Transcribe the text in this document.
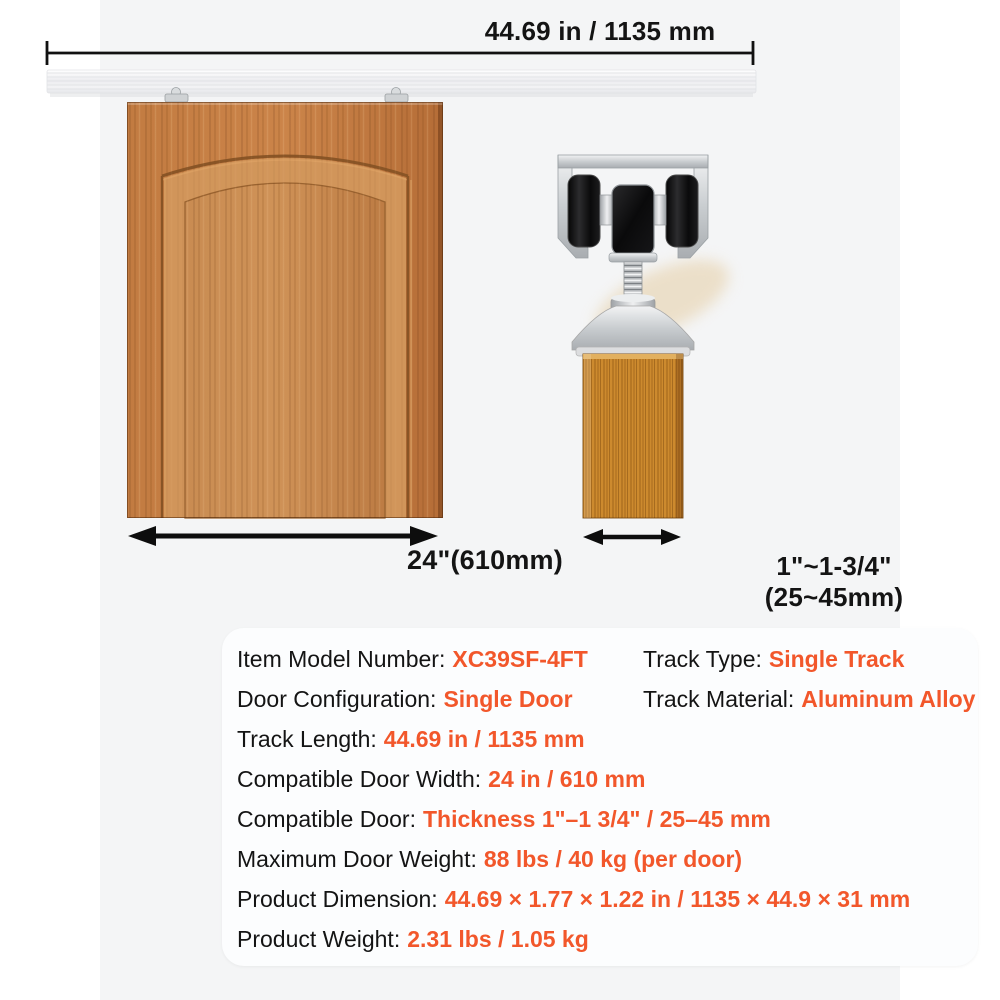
44.69 in / 1135 mm
24"(610mm)	1"~1-3/4"
(25~45mm)
Item Model Number: XC39SF-4FT Track Type: Single Track
Door Configuration: Single Door	Track Material: Aluminum Alloy
Track Length: 44.69 in / 1135 mm
Compatible Door Width: 24 in / 610 mm
Compatible Door: Thickness 1"–1 3/4" / 25–45 mm
Maximum Door Weight: 88 lbs / 40 kg (per door)
Product Dimension: 44.69 × 1.77 × 1.22 in / 1135 × 44.9 × 31 mm
Product Weight: 2.31 lbs / 1.05 kg
